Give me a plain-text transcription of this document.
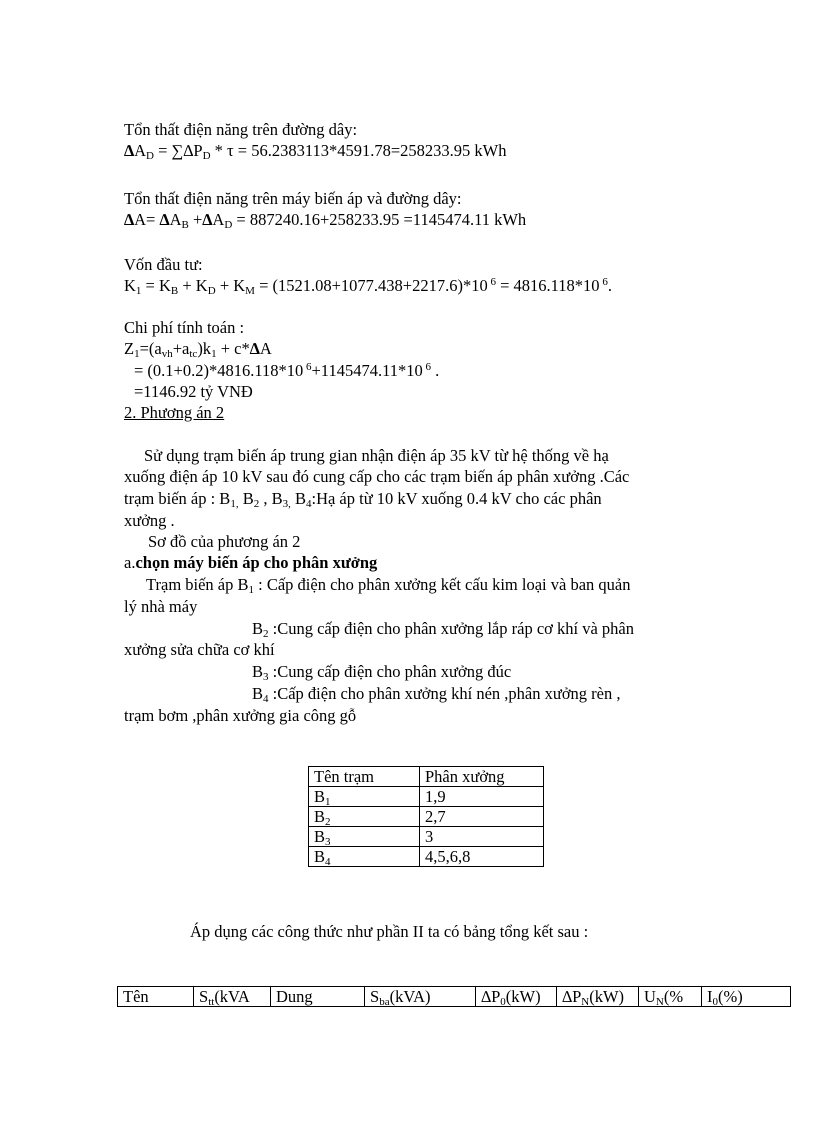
Tổn thất điện năng trên đường dây:
$\Delta A_D = \sum\Delta P_D * \tau = 56.2383113*4591.78=258233.95$ kWh
Tổn thất điện năng trên máy biến áp và đường dây:
$\Delta A= \Delta A_B +\Delta A_D = 887240.16+258233.95 =1145474.11$ kWh
Vốn đầu tư:
$K_1 = K_B + K_D + K_M = (1521.08+1077.438+2217.6)*10$ $^6$ = 4816.118*10 $^6$.
Chi phí tính toán :
$Z_1=(a_{vh}+a_{tc})k_1 + c*\Delta A$
= (0.1+0.2)*4816.118*10 $^6$+1145474.11*10 $^6$ .
=1146.92 tỷ VNĐ
2. Phương án 2
Sử dụng trạm biến áp trung gian nhận điện áp 35 kV từ hệ thống về hạ
xuống điện áp 10 kV sau đó cung cấp cho các trạm biến áp phân xưởng .Các
trạm biến áp : $B_{1,}$ $B_2$ , $B_{3,}$ $B_4:Hạ$ áp từ 10 kV xuống 0.4 kV cho các phân
xưởng .
Sơ đồ của phương án 2
a.chọn máy biến áp cho phân xưởng
Trạm biến áp $B_1$ : Cấp điện cho phân xưởng kết cấu kim loại và ban quản
lý nhà máy
$B_2$ :Cung cấp điện cho phân xưởng lắp ráp cơ khí và phân
xưởng sửa chữa cơ khí
$B_3$ :Cung cấp điện cho phân xưởng đúc
$B_4$ :Cấp điện cho phân xưởng khí nén ,phân xưởng rèn ,
trạm bơm ,phân xưởng gia công gỗ
Tên trạm	Phân xưởng
$B_1$	1,9
$B_2$	2,7
$B_3$	3
$B_4$	4,5,6,8
Áp dụng các công thức như phần II ta có bảng tổng kết sau :
Tên	$S_{tt}(kVA$	Dung	$S_{ba}(kVA)$	$\Delta P_0(kW)$	$\Delta P_N(kW)$	$U_N(\%$	$I_0(\%)$
